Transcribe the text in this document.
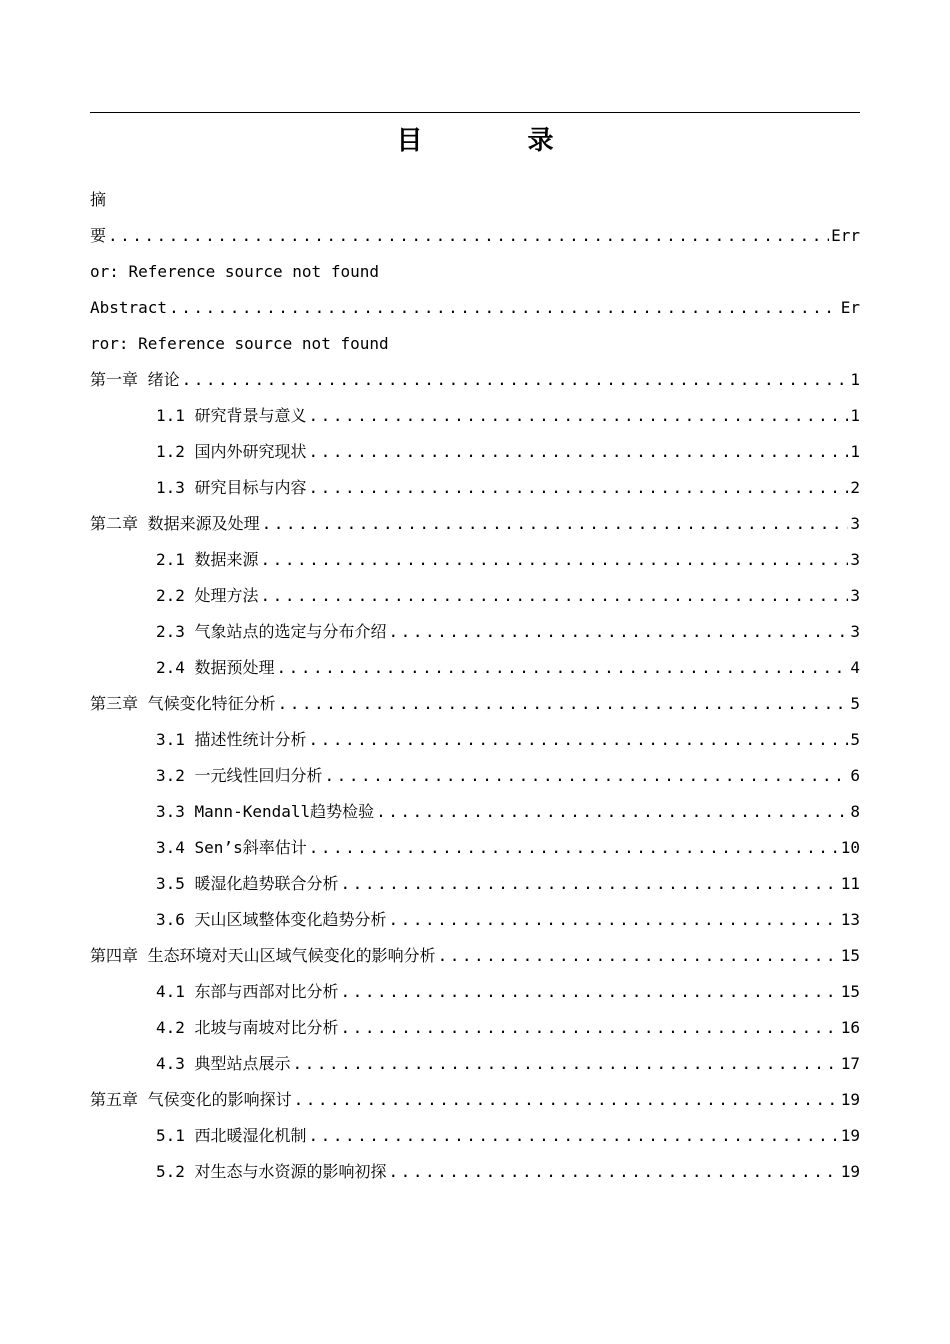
目 录
摘
要 .....	Err
or: Reference source not found
Abstract .....	Er
ror: Reference source not found
第一章 绪论 .....	1
1.1 研究背景与意义 .....	1
1.2 国内外研究现状 .....	1
1.3 研究目标与内容 .....	2
第二章 数据来源及处理 .....	3
2.1 数据来源 .....	3
2.2 处理方法 .....	3
2.3 气象站点的选定与分布介绍 .....	3
2.4 数据预处理 .....	4
第三章 气候变化特征分析 .....	5
3.1 描述性统计分析 .....	5
3.2 一元线性回归分析 .....	6
3.3 Mann-Kendall趋势检验 .....	8
3.4 Sen’s斜率估计 .....	10
3.5 暖湿化趋势联合分析 .....	11
3.6 天山区域整体变化趋势分析 .....	13
第四章 生态环境对天山区域气候变化的影响分析 .....	15
4.1 东部与西部对比分析 .....	15
4.2 北坡与南坡对比分析 .....	16
4.3 典型站点展示 .....	17
第五章 气侯变化的影响探讨 .....	19
5.1 西北暖湿化机制 .....	19
5.2 对生态与水资源的影响初探 .....	19
